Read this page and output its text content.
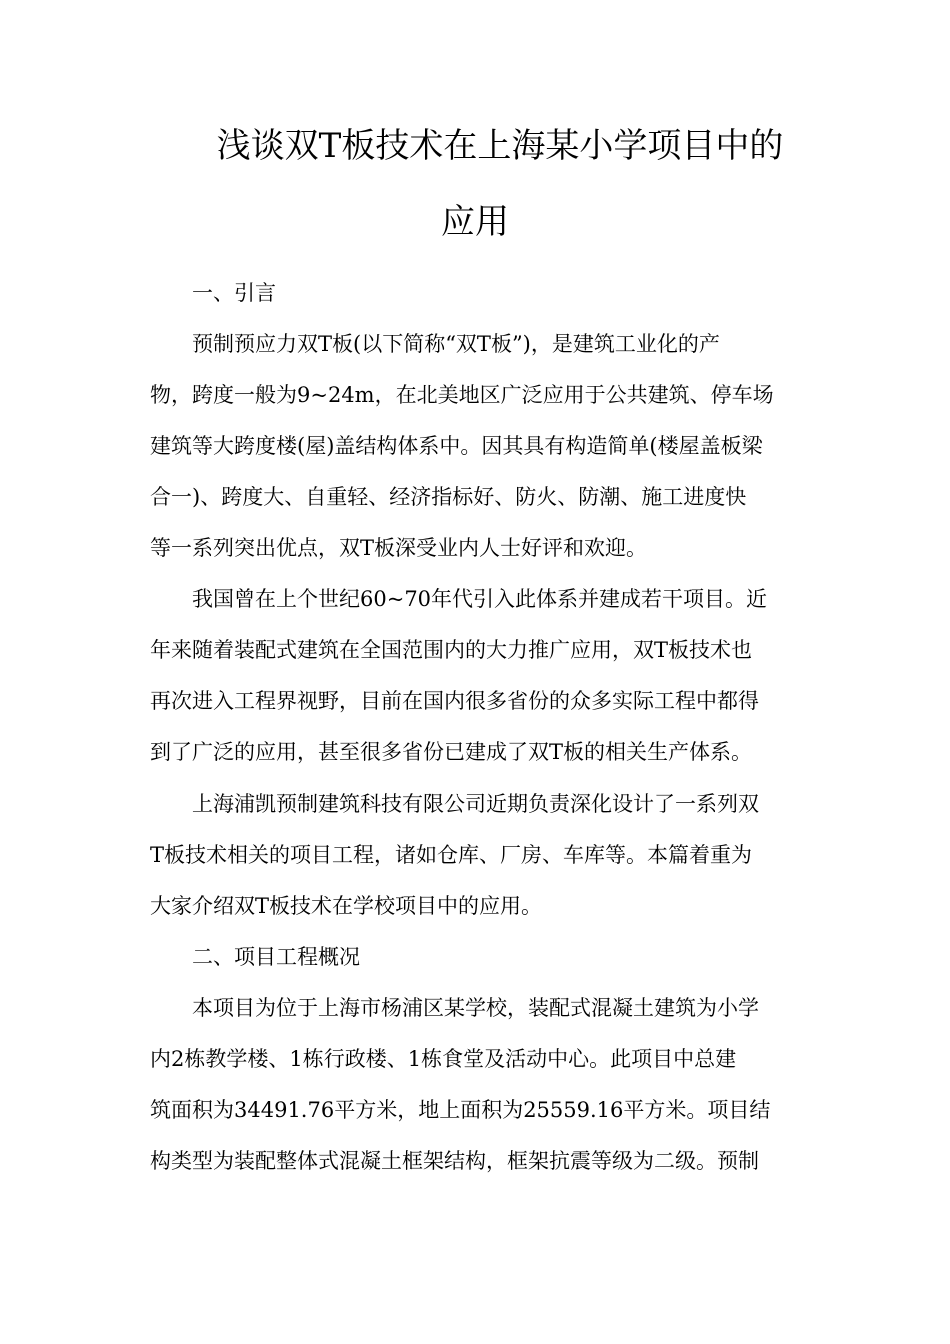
浅谈双T板技术在上海某小学项目中的
应用

一、引言

预制预应力双T板(以下简称“双T板”)，是建筑工业化的产

物，跨度一般为9~24m，在北美地区广泛应用于公共建筑、停车场

建筑等大跨度楼(屋)盖结构体系中。因其具有构造简单(楼屋盖板梁

合一)、跨度大、自重轻、经济指标好、防火、防潮、施工进度快

等一系列突出优点，双T板深受业内人士好评和欢迎。

我国曾在上个世纪60~70年代引入此体系并建成若干项目。近

年来随着装配式建筑在全国范围内的大力推广应用，双T板技术也

再次进入工程界视野，目前在国内很多省份的众多实际工程中都得

到了广泛的应用，甚至很多省份已建成了双T板的相关生产体系。

上海浦凯预制建筑科技有限公司近期负责深化设计了一系列双

T板技术相关的项目工程，诸如仓库、厂房、车库等。本篇着重为

大家介绍双T板技术在学校项目中的应用。

二、项目工程概况

本项目为位于上海市杨浦区某学校，装配式混凝土建筑为小学

内2栋教学楼、1栋行政楼、1栋食堂及活动中心。此项目中总建

筑面积为34491.76平方米，地上面积为25559.16平方米。项目结

构类型为装配整体式混凝土框架结构，框架抗震等级为二级。预制
